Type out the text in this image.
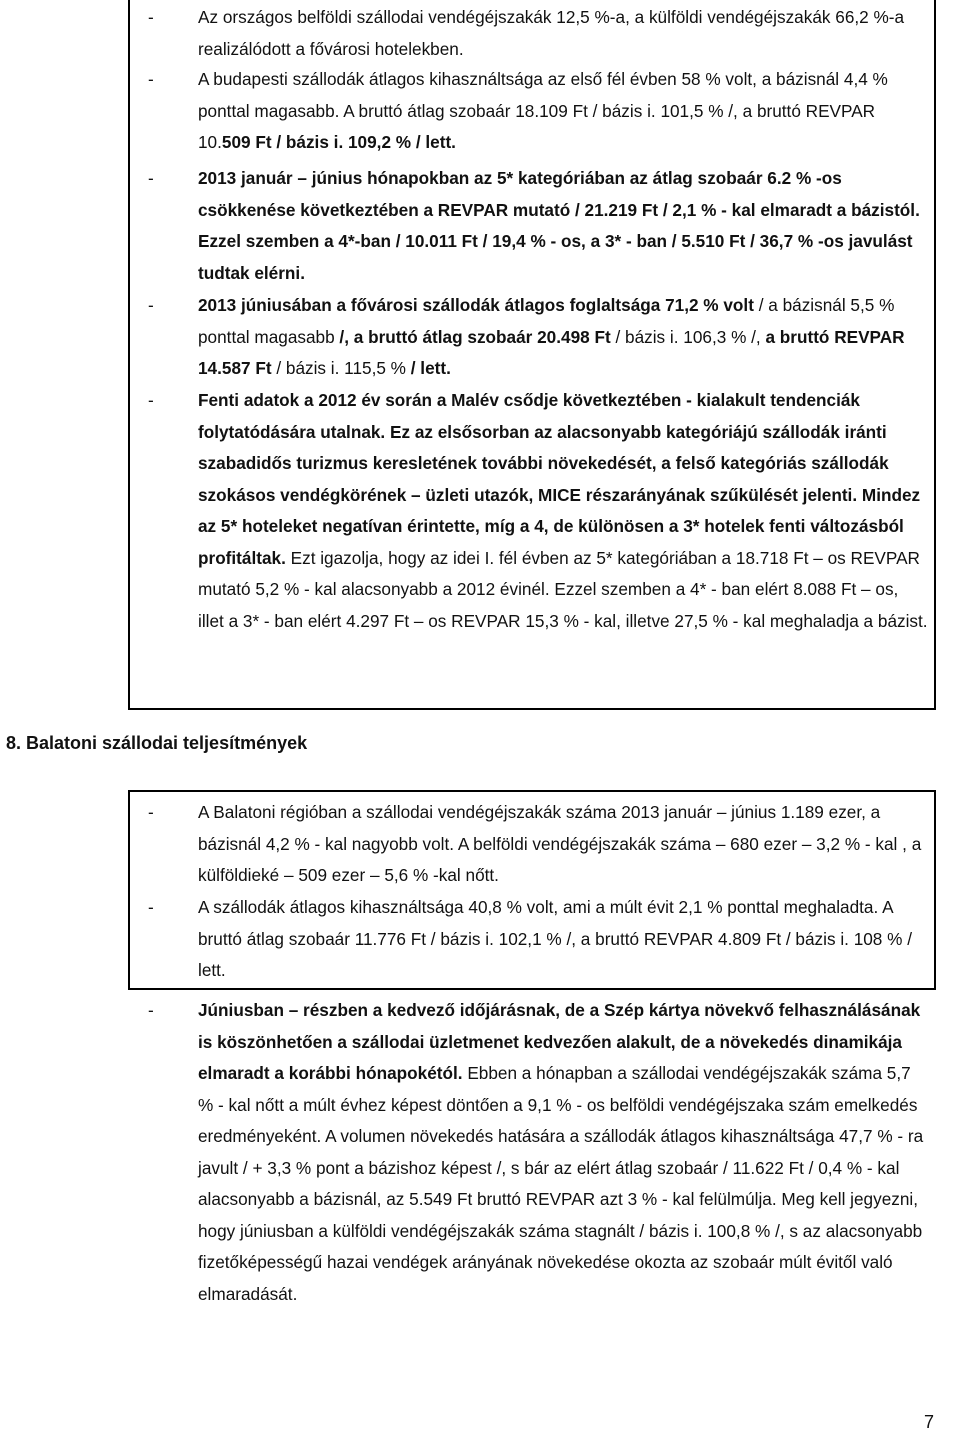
-	Az országos belföldi szállodai vendégéjszakák 12,5 %-a, a külföldi vendégéjszakák 66,2 %-a realizálódott a fővárosi hotelekben.
-	A budapesti szállodák átlagos kihasználtsága az első fél évben 58 % volt, a bázisnál 4,4 % ponttal magasabb. A bruttó átlag szobaár 18.109 Ft / bázis i. 101,5 % /, a bruttó REVPAR 10.509 Ft / bázis i. 109,2 % / lett.
-	2013 január – június hónapokban az 5* kategóriában az átlag szobaár 6.2 % -os csökkenése következtében a REVPAR mutató / 21.219 Ft / 2,1 % - kal elmaradt a bázistól. Ezzel szemben a 4*-ban / 10.011 Ft / 19,4 % - os, a 3* - ban / 5.510 Ft / 36,7 % -os javulást tudtak elérni.
-	2013 júniusában a fővárosi szállodák átlagos foglaltsága 71,2 % volt / a bázisnál 5,5 % ponttal magasabb /, a bruttó átlag szobaár 20.498 Ft / bázis i. 106,3 % /, a bruttó REVPAR 14.587 Ft / bázis i. 115,5 % / lett.
-	Fenti adatok a 2012 év során a Malév csődje következtében - kialakult tendenciák folytatódására utalnak. Ez az elsősorban az alacsonyabb kategóriájú szállodák iránti szabadidős turizmus keresletének további növekedését, a felső kategóriás szállodák szokásos vendégkörének – üzleti utazók, MICE részarányának szűkülését jelenti. Mindez az 5* hoteleket negatívan érintette, míg a 4, de különösen a 3* hotelek fenti változásból profitáltak. Ezt igazolja, hogy az idei I. fél évben az 5* kategóriában a 18.718 Ft – os REVPAR mutató 5,2 % - kal alacsonyabb a 2012 évinél. Ezzel szemben a 4* - ban elért 8.088 Ft – os, illet a 3* - ban elért 4.297 Ft – os REVPAR 15,3 % - kal, illetve 27,5 % - kal meghaladja a bázist.
8. Balatoni szállodai teljesítmények
-	A Balatoni régióban a szállodai vendégéjszakák száma 2013 január – június 1.189 ezer, a bázisnál 4,2 % - kal nagyobb volt. A belföldi vendégéjszakák száma – 680 ezer – 3,2 % - kal , a külföldieké – 509 ezer – 5,6 % -kal nőtt.
-	A szállodák átlagos kihasználtsága 40,8 % volt, ami a múlt évit 2,1 % ponttal meghaladta. A bruttó átlag szobaár 11.776 Ft / bázis i. 102,1 % /, a bruttó REVPAR 4.809 Ft / bázis i. 108 % / lett.
-	Júniusban – részben a kedvező időjárásnak, de a Szép kártya növekvő felhasználásának is köszönhetően a szállodai üzletmenet kedvezően alakult, de a növekedés dinamikája elmaradt a korábbi hónapokétól. Ebben a hónapban a szállodai vendégéjszakák száma 5,7 % - kal nőtt a múlt évhez képest döntően a 9,1 % - os belföldi vendégéjszaka szám emelkedés eredményeként. A volumen növekedés hatására a szállodák átlagos kihasználtsága 47,7 % - ra javult / + 3,3 % pont a bázishoz képest /, s bár az elért átlag szobaár / 11.622 Ft / 0,4 % - kal alacsonyabb a bázisnál, az 5.549 Ft bruttó REVPAR azt 3 % - kal felülmúlja. Meg kell jegyezni, hogy júniusban a külföldi vendégéjszakák száma stagnált / bázis i. 100,8 % /, s az alacsonyabb fizetőképességű hazai vendégek arányának növekedése okozta az szobaár múlt évitől való elmaradását.
7
